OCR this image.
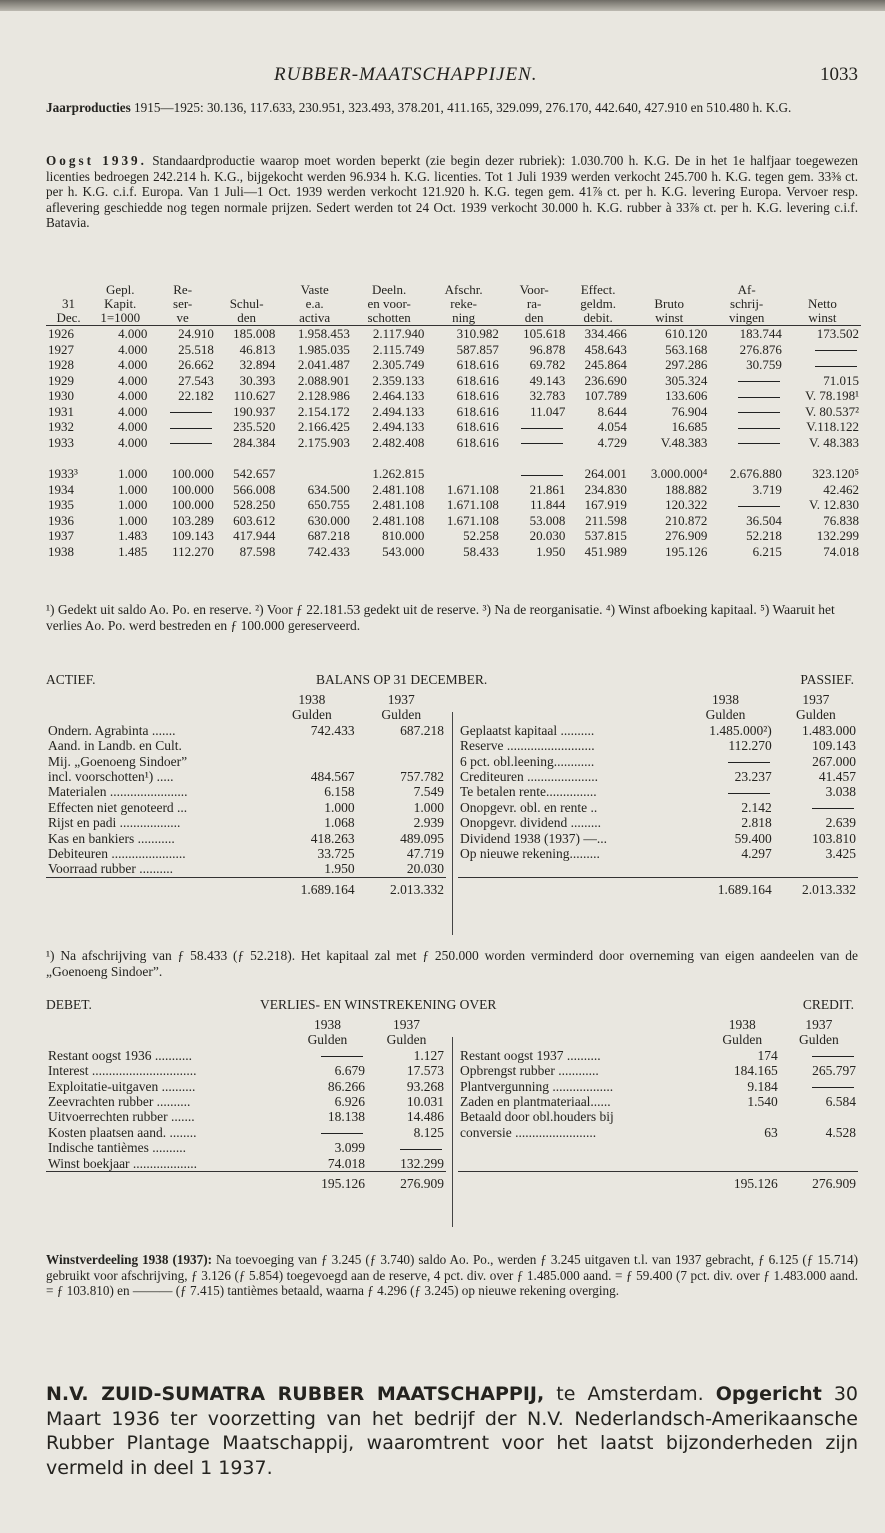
RUBBER-MAATSCHAPPIJEN.	1033
Jaarproducties 1915—1925: 30.136, 117.633, 230.951, 323.493, 378.201, 411.165, 329.099, 276.170, 442.640, 427.910 en 510.480 h. K.G.
Oogst 1939. Standaardproductie waarop moet worden beperkt (zie begin dezer rubriek): 1.030.700 h. K.G. De in het 1e halfjaar toegewezen licenties bedroegen 242.214 h. K.G., bijgekocht werden 96.934 h. K.G. licenties. Tot 1 Juli 1939 werden verkocht 245.700 h. K.G. tegen gem. 33⅜ ct. per h. K.G. c.i.f. Europa. Van 1 Juli—1 Oct. 1939 werden verkocht 121.920 h. K.G. tegen gem. 41⅞ ct. per h. K.G. levering Europa. Vervoer resp. aflevering geschiedde nog tegen normale prijzen. Sedert werden tot 24 Oct. 1939 verkocht 30.000 h. K.G. rubber à 33⅞ ct. per h. K.G. levering c.i.f. Batavia.
	Gepl.	Re-		Vaste	Deeln.	Afschr.	Voor-	Effect.		Af-	
31	Kapit.	ser-	Schul-	e.a.	en voor-	reke-	ra-	geldm.	Bruto	schrij-	Netto
Dec.	1=1000	ve	den	activa	schotten	ning	den	debit.	winst	vingen	winst
1926	4.000	24.910	185.008	1.958.453	2.117.940	310.982	105.618	334.466	610.120	183.744	173.502
1927	4.000	25.518	46.813	1.985.035	2.115.749	587.857	96.878	458.643	563.168	276.876	
1928	4.000	26.662	32.894	2.041.487	2.305.749	618.616	69.782	245.864	297.286	30.759	
1929	4.000	27.543	30.393	2.088.901	2.359.133	618.616	49.143	236.690	305.324		71.015
1930	4.000	22.182	110.627	2.128.986	2.464.133	618.616	32.783	107.789	133.606		V. 78.198¹
1931	4.000		190.937	2.154.172	2.494.133	618.616	11.047	8.644	76.904		V. 80.537²
1932	4.000		235.520	2.166.425	2.494.133	618.616		4.054	16.685		V.118.122
1933	4.000		284.384	2.175.903	2.482.408	618.616		4.729	V.48.383		V. 48.383

1933³	1.000	100.000	542.657		1.262.815			264.001	3.000.000⁴	2.676.880	323.120⁵
1934	1.000	100.000	566.008	634.500	2.481.108	1.671.108	21.861	234.830	188.882	3.719	42.462
1935	1.000	100.000	528.250	650.755	2.481.108	1.671.108	11.844	167.919	120.322		V. 12.830
1936	1.000	103.289	603.612	630.000	2.481.108	1.671.108	53.008	211.598	210.872	36.504	76.838
1937	1.483	109.143	417.944	687.218	810.000	52.258	20.030	537.815	276.909	52.218	132.299
1938	1.485	112.270	87.598	742.433	543.000	58.433	1.950	451.989	195.126	6.215	74.018
¹) Gedekt uit saldo Ao. Po. en reserve. ²) Voor ƒ 22.181.53 gedekt uit de reserve. ³) Na de reorganisatie. ⁴) Winst afboeking kapitaal. ⁵) Waaruit het verlies Ao. Po. werd bestreden en ƒ 100.000 gereserveerd.
ACTIEF.	BALANS OP 31 DECEMBER.	PASSIEF.
	1938	1937
	Gulden	Gulden
Ondern. Agrabinta .......	742.433	687.218
Aand. in Landb. en Cult.		
Mij. „Goenoeng Sindoer”		
incl. voorschotten¹) .....	484.567	757.782
Materialen .......................	6.158	7.549
Effecten niet genoteerd ...	1.000	1.000
Rijst en padi ..................	1.068	2.939
Kas en bankiers ...........	418.263	489.095
Debiteuren ......................	33.725	47.719
Voorraad rubber ..........	1.950	20.030
	1.689.164	2.013.332
	1938	1937
	Gulden	Gulden
Geplaatst kapitaal ..........	1.485.000²)	1.483.000
Reserve ..........................	112.270	109.143
6 pct. obl.leening............		267.000
Crediteuren .....................	23.237	41.457
Te betalen rente...............		3.038
Onopgevr. obl. en rente ..	2.142	
Onopgevr. dividend .........	2.818	2.639
Dividend 1938 (1937) —...	59.400	103.810
Op nieuwe rekening.........	4.297	3.425

	1.689.164	2.013.332
¹) Na afschrijving van ƒ 58.433 (ƒ 52.218). Het kapitaal zal met ƒ 250.000 worden verminderd door overneming van eigen aandeelen van de „Goenoeng Sindoer”.
DEBET.	VERLIES- EN WINSTREKENING OVER	CREDIT.
	1938	1937
	Gulden	Gulden
Restant oogst 1936 ...........		1.127
Interest ...............................	6.679	17.573
Exploitatie-uitgaven ..........	86.266	93.268
Zeevrachten rubber ..........	6.926	10.031
Uitvoerrechten rubber .......	18.138	14.486
Kosten plaatsen aand. ........		8.125
Indische tantièmes ..........	3.099	
Winst boekjaar ...................	74.018	132.299
	195.126	276.909
	1938	1937
	Gulden	Gulden
Restant oogst 1937 ..........	174	
Opbrengst rubber ............	184.165	265.797
Plantvergunning ..................	9.184	
Zaden en plantmateriaal......	1.540	6.584
Betaald door obl.houders bij		
conversie ........................	63	4.528

	195.126	276.909
Winstverdeeling 1938 (1937): Na toevoeging van ƒ 3.245 (ƒ 3.740) saldo Ao. Po., werden ƒ 3.245 uitgaven t.l. van 1937 gebracht, ƒ 6.125 (ƒ 15.714) gebruikt voor afschrijving, ƒ 3.126 (ƒ 5.854) toegevoegd aan de reserve, 4 pct. div. over ƒ 1.485.000 aand. = ƒ 59.400 (7 pct. div. over ƒ 1.483.000 aand. = ƒ 103.810) en ——— (ƒ 7.415) tantièmes betaald, waarna ƒ 4.296 (ƒ 3.245) op nieuwe rekening overging.
N.V. ZUID-SUMATRA RUBBER MAATSCHAPPIJ, te Amsterdam. Opgericht 30 Maart 1936 ter voorzetting van het bedrijf der N.V. Nederlandsch-Amerikaansche Rubber Plantage Maatschappij, waaromtrent voor het laatst bijzonderheden zijn vermeld in deel 1 1937.
